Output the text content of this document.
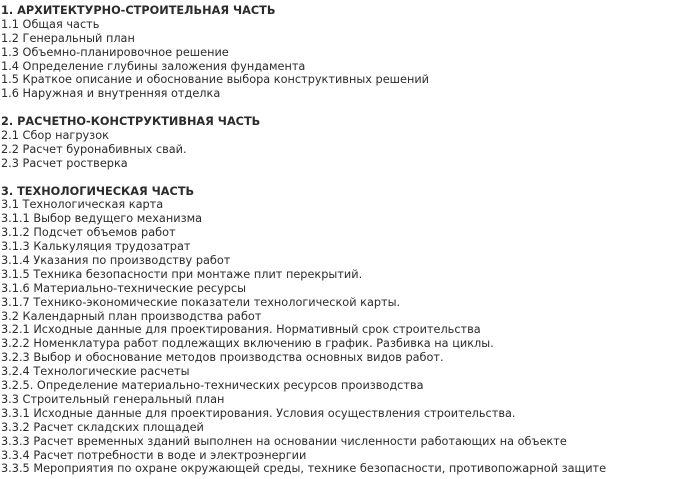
1. АРХИТЕКТУРНО-СТРОИТЕЛЬНАЯ ЧАСТЬ
1.1 Общая часть
1.2 Генеральный план
1.3 Объемно-планировочное решение
1.4 Определение глубины заложения фундамента
1.5 Краткое описание и обоснование выбора конструктивных решений
1.6 Наружная и внутренняя отделка
2. РАСЧЕТНО-КОНСТРУКТИВНАЯ ЧАСТЬ
2.1 Сбор нагрузок
2.2 Расчет буронабивных свай.
2.3 Расчет ростверка
3. ТЕХНОЛОГИЧЕСКАЯ ЧАСТЬ
3.1 Технологическая карта
3.1.1 Выбор ведущего механизма
3.1.2 Подсчет объемов работ
3.1.3 Калькуляция трудозатрат
3.1.4 Указания по производству работ
3.1.5 Техника безопасности при монтаже плит перекрытий.
3.1.6 Материально-технические ресурсы
3.1.7 Технико-экономические показатели технологической карты.
3.2 Календарный план производства работ
3.2.1 Исходные данные для проектирования. Нормативный срок строительства
3.2.2 Номенклатура работ подлежащих включению в график. Разбивка на циклы.
3.2.3 Выбор и обоснование методов производства основных видов работ.
3.2.4 Технологические расчеты
3.2.5. Определение материально-технических ресурсов производства
3.3 Строительный генеральный план
3.3.1 Исходные данные для проектирования. Условия осуществления строительства.
3.3.2 Расчет складских площадей
3.3.3 Расчет временных зданий выполнен на основании численности работающих на объекте
3.3.4 Расчет потребности в воде и электроэнергии
3.3.5 Мероприятия по охране окружающей среды, технике безопасности, противопожарной защите
